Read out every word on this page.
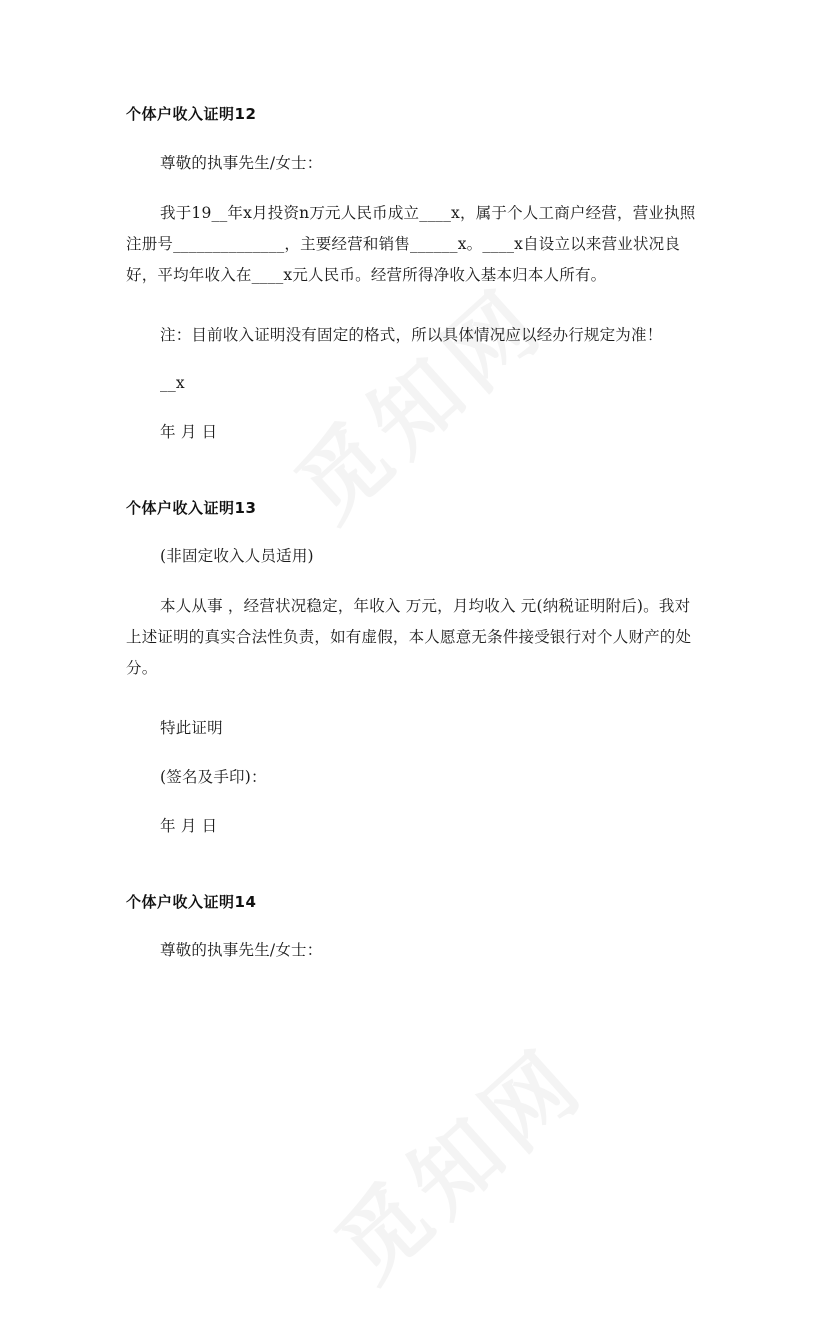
个体户收入证明12
尊敬的执事先生/女士：
我于19__年x月投资n万元人民币成立____x，属于个人工商户经营，营业执照注册号______________，主要经营和销售______x。____x自设立以来营业状况良好，平均年收入在____x元人民币。经营所得净收入基本归本人所有。
注：目前收入证明没有固定的格式，所以具体情况应以经办行规定为准！
__x
年 月 日
个体户收入证明13
(非固定收入人员适用)
本人从事 ，经营状况稳定，年收入 万元，月均收入 元(纳税证明附后)。我对上述证明的真实合法性负责，如有虚假，本人愿意无条件接受银行对个人财产的处分。
特此证明
(签名及手印)：
年 月 日
个体户收入证明14
尊敬的执事先生/女士：
